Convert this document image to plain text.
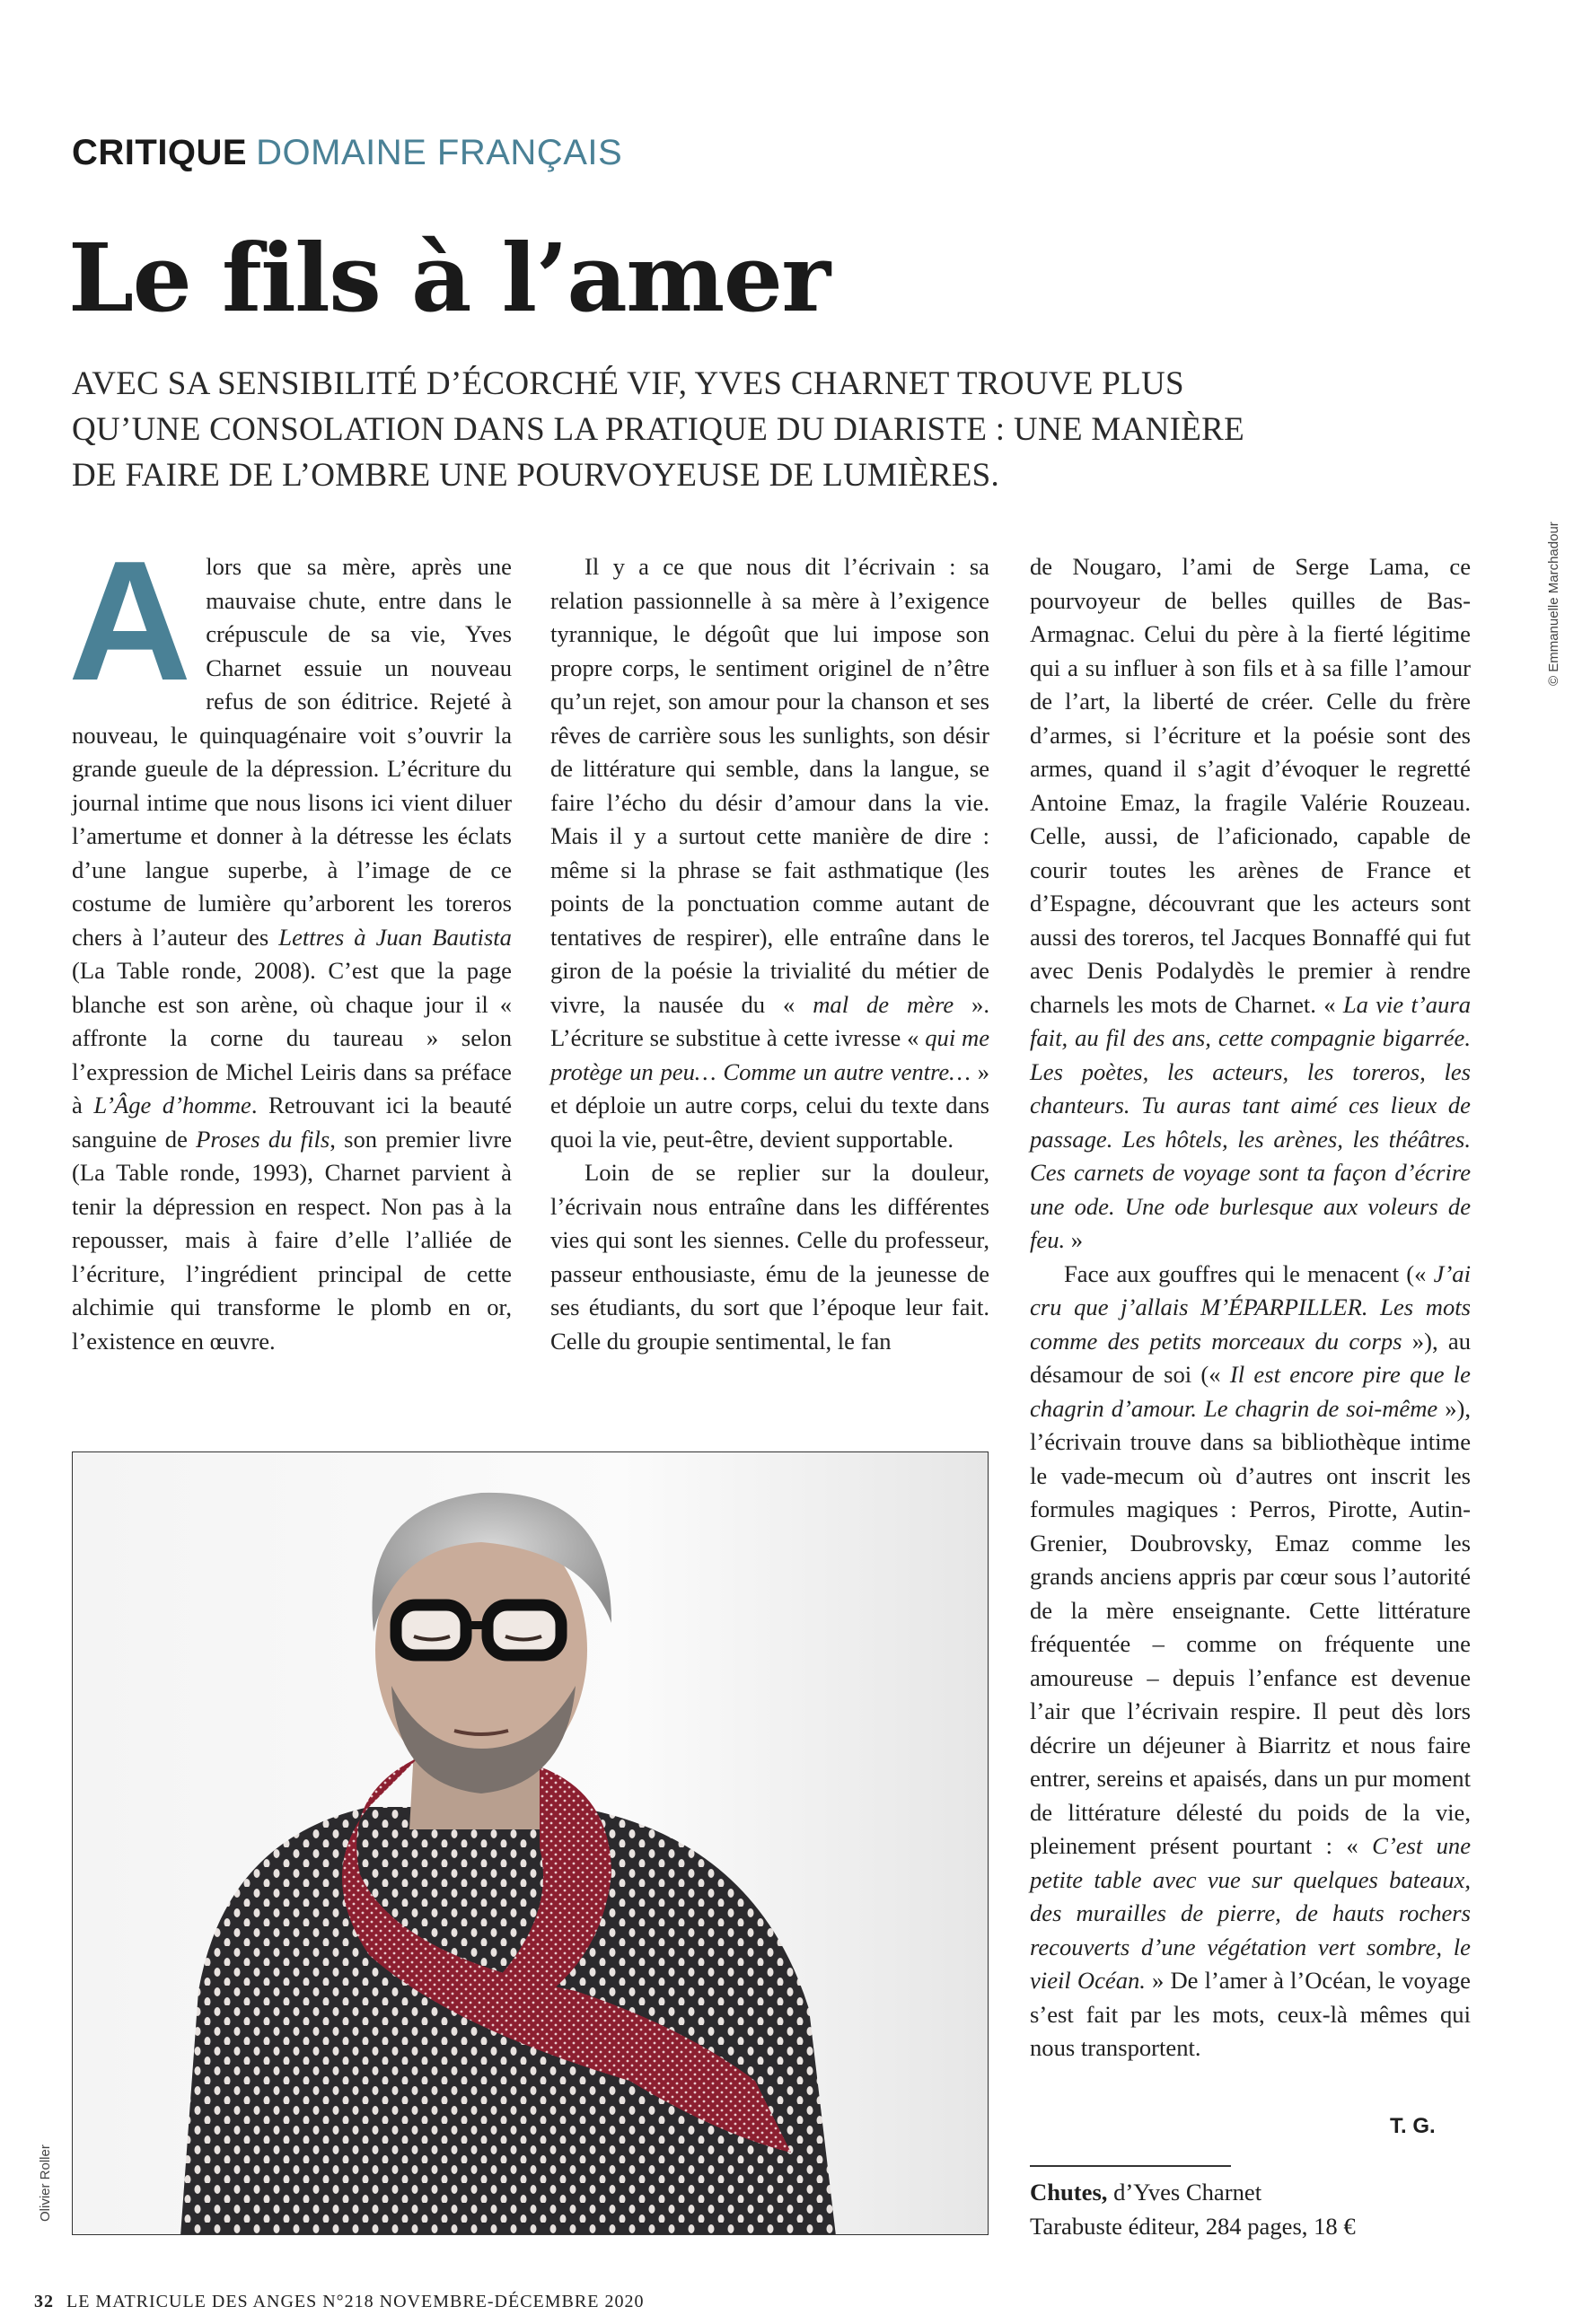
CRITIQUE DOMAINE FRANÇAIS
Le fils à l’amer
AVEC SA SENSIBILITÉ D’ÉCORCHÉ VIF, YVES CHARNET TROUVE PLUS QU’UNE CONSOLATION DANS LA PRATIQUE DU DIARISTE : UNE MANIÈRE DE FAIRE DE L’OMBRE UNE POURVOYEUSE DE LUMIÈRES.
© Emmanuelle Marchadour

Alors que sa mère, après une mauvaise chute, entre dans le crépuscule de sa vie, Yves Charnet essuie un nouveau refus de son éditrice. Rejeté à nouveau, le quinquagénaire voit s’ouvrir la grande gueule de la dépression. L’écriture du journal intime que nous lisons ici vient diluer l’amertume et donner à la détresse les éclats d’une langue superbe, à l’image de ce costume de lumière qu’arborent les toreros chers à l’auteur des Lettres à Juan Bautista (La Table ronde, 2008). C’est que la page blanche est son arène, où chaque jour il « affronte la corne du taureau » selon l’expression de Michel Leiris dans sa préface à L’Âge d’homme. Retrouvant ici la beauté sanguine de Proses du fils, son premier livre (La Table ronde, 1993), Charnet parvient à tenir la dépression en respect. Non pas à la repousser, mais à faire d’elle l’alliée de l’écriture, l’ingrédient principal de cette alchimie qui transforme le plomb en or, l’existence en œuvre.

Il y a ce que nous dit l’écrivain : sa relation passionnelle à sa mère à l’exigence tyrannique, le dégoût que lui impose son propre corps, le sentiment originel de n’être qu’un rejet, son amour pour la chanson et ses rêves de carrière sous les sunlights, son désir de littérature qui semble, dans la langue, se faire l’écho du désir d’amour dans la vie. Mais il y a surtout cette manière de dire : même si la phrase se fait asthmatique (les points de la ponctuation comme autant de tentatives de respirer), elle entraîne dans le giron de la poésie la trivialité du métier de vivre, la nausée du « mal de mère ». L’écriture se substitue à cette ivresse « qui me protège un peu… Comme un autre ventre… » et déploie un autre corps, celui du texte dans quoi la vie, peut-être, devient supportable.

Loin de se replier sur la douleur, l’écrivain nous entraîne dans les différentes vies qui sont les siennes. Celle du professeur, passeur enthousiaste, ému de la jeunesse de ses étudiants, du sort que l’époque leur fait. Celle du groupie sentimental, le fan

de Nougaro, l’ami de Serge Lama, ce pourvoyeur de belles quilles de Bas-Armagnac. Celui du père à la fierté légitime qui a su influer à son fils et à sa fille l’amour de l’art, la liberté de créer. Celle du frère d’armes, si l’écriture et la poésie sont des armes, quand il s’agit d’évoquer le regretté Antoine Emaz, la fragile Valérie Rouzeau. Celle, aussi, de l’aficionado, capable de courir toutes les arènes de France et d’Espagne, découvrant que les acteurs sont aussi des toreros, tel Jacques Bonnaffé qui fut avec Denis Podalydès le premier à rendre charnels les mots de Charnet. « La vie t’aura fait, au fil des ans, cette compagnie bigarrée. Les poètes, les acteurs, les toreros, les chanteurs. Tu auras tant aimé ces lieux de passage. Les hôtels, les arènes, les théâtres. Ces carnets de voyage sont ta façon d’écrire une ode. Une ode burlesque aux voleurs de feu. »

Face aux gouffres qui le menacent (« J’ai cru que j’allais M’ÉPARPILLER. Les mots comme des petits morceaux du corps »), au désamour de soi (« Il est encore pire que le chagrin d’amour. Le chagrin de soi-même »), l’écrivain trouve dans sa bibliothèque intime le vade-mecum où d’autres ont inscrit les formules magiques : Perros, Pirotte, Autin-Grenier, Doubrovsky, Emaz comme les grands anciens appris par cœur sous l’autorité de la mère enseignante. Cette littérature fréquentée – comme on fréquente une amoureuse – depuis l’enfance est devenue l’air que l’écrivain respire. Il peut dès lors décrire un déjeuner à Biarritz et nous faire entrer, sereins et apaisés, dans un pur moment de littérature délesté du poids de la vie, pleinement présent pourtant : « C’est une petite table avec vue sur quelques bateaux, des murailles de pierre, de hauts rochers recouverts d’une végétation vert sombre, le vieil Océan. » De l’amer à l’Océan, le voyage s’est fait par les mots, ceux-là mêmes qui nous transportent.

T. G.
Chutes, d’Yves Charnet
Tarabuste éditeur, 284 pages, 18 €
Olivier Roller
32 LE MATRICULE DES ANGES N°218 NOVEMBRE-DÉCEMBRE 2020
